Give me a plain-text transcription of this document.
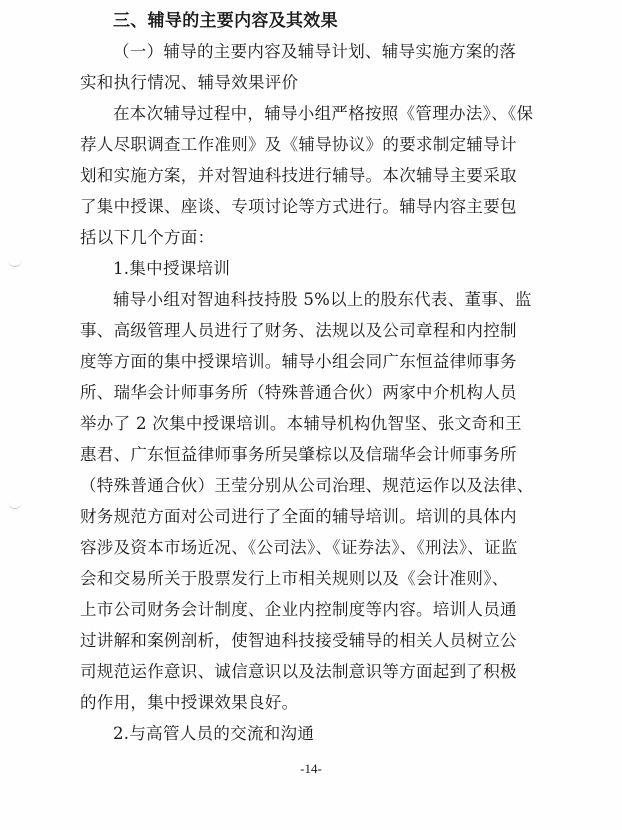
三、辅导的主要内容及其效果
（一）辅导的主要内容及辅导计划、辅导实施方案的落
实和执行情况、辅导效果评价
在本次辅导过程中，辅导小组严格按照《管理办法》、《保
荐人尽职调查工作准则》及《辅导协议》的要求制定辅导计
划和实施方案，并对智迪科技进行辅导。本次辅导主要采取
了集中授课、座谈、专项讨论等方式进行。辅导内容主要包
括以下几个方面：
1.集中授课培训
辅导小组对智迪科技持股 5%以上的股东代表、董事、监
事、高级管理人员进行了财务、法规以及公司章程和内控制
度等方面的集中授课培训。辅导小组会同广东恒益律师事务
所、瑞华会计师事务所（特殊普通合伙）两家中介机构人员
举办了 2 次集中授课培训。本辅导机构仇智坚、张文奇和王
惠君、广东恒益律师事务所吴肇棕以及信瑞华会计师事务所
（特殊普通合伙）王莹分别从公司治理、规范运作以及法律、
财务规范方面对公司进行了全面的辅导培训。培训的具体内
容涉及资本市场近况、《公司法》、《证券法》、《刑法》、证监
会和交易所关于股票发行上市相关规则以及《会计准则》、
上市公司财务会计制度、企业内控制度等内容。培训人员通
过讲解和案例剖析，使智迪科技接受辅导的相关人员树立公
司规范运作意识、诚信意识以及法制意识等方面起到了积极
的作用，集中授课效果良好。
2.与高管人员的交流和沟通
-14-
